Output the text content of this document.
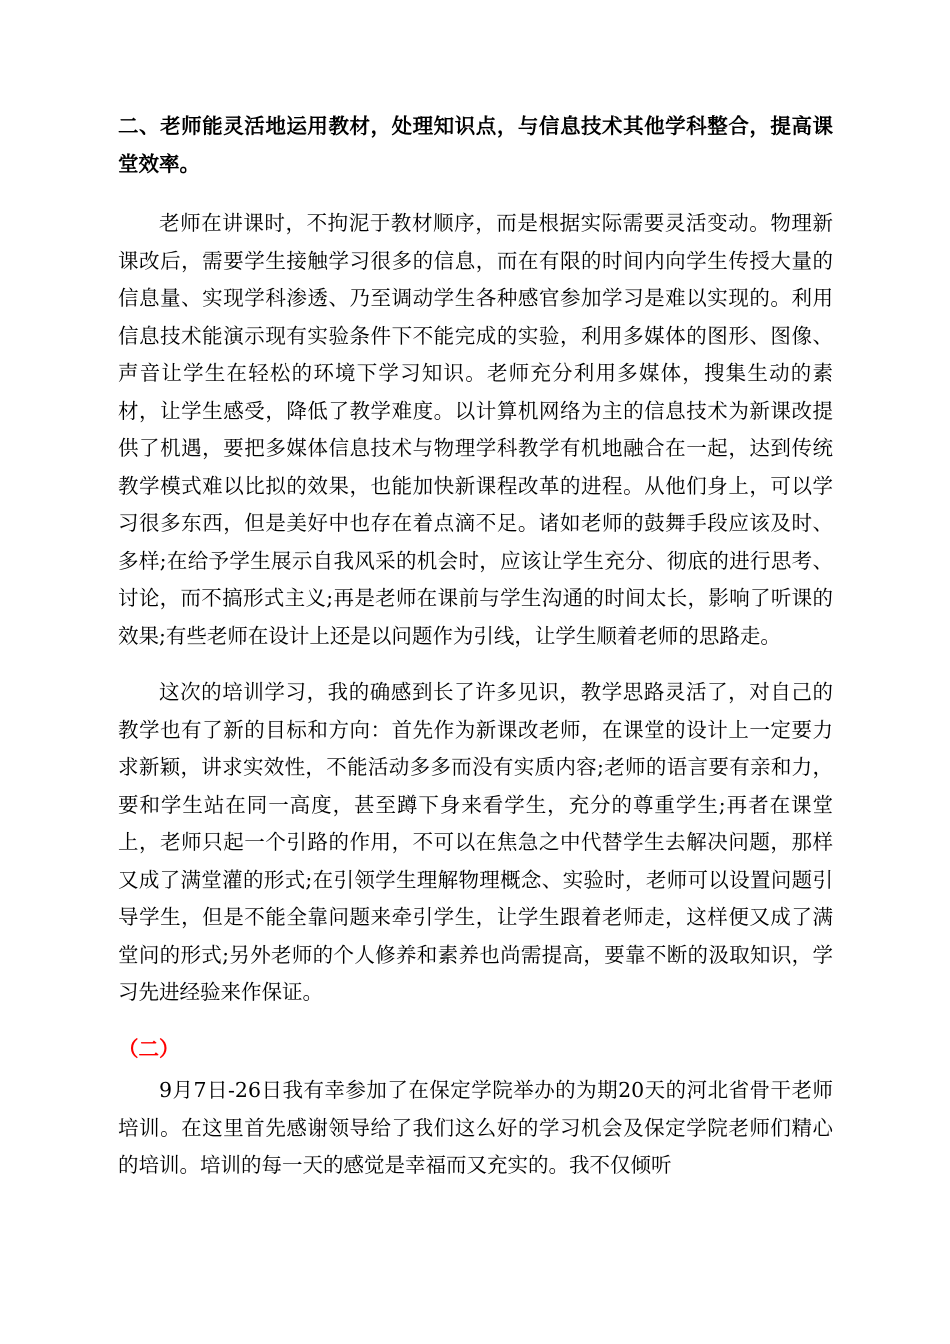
二、老师能灵活地运用教材，处理知识点，与信息技术其他学科整合，提高课堂效率。

老师在讲课时，不拘泥于教材顺序，而是根据实际需要灵活变动。物理新课改后，需要学生接触学习很多的信息，而在有限的时间内向学生传授大量的信息量、实现学科渗透、乃至调动学生各种感官参加学习是难以实现的。利用信息技术能演示现有实验条件下不能完成的实验，利用多媒体的图形、图像、声音让学生在轻松的环境下学习知识。老师充分利用多媒体，搜集生动的素材，让学生感受，降低了教学难度。以计算机网络为主的信息技术为新课改提供了机遇，要把多媒体信息技术与物理学科教学有机地融合在一起，达到传统教学模式难以比拟的效果，也能加快新课程改革的进程。从他们身上，可以学习很多东西，但是美好中也存在着点滴不足。诸如老师的鼓舞手段应该及时、多样;在给予学生展示自我风采的机会时，应该让学生充分、彻底的进行思考、讨论，而不搞形式主义;再是老师在课前与学生沟通的时间太长，影响了听课的效果;有些老师在设计上还是以问题作为引线，让学生顺着老师的思路走。

这次的培训学习，我的确感到长了许多见识，教学思路灵活了，对自己的教学也有了新的目标和方向：首先作为新课改老师，在课堂的设计上一定要力求新颖，讲求实效性，不能活动多多而没有实质内容;老师的语言要有亲和力，要和学生站在同一高度，甚至蹲下身来看学生，充分的尊重学生;再者在课堂上，老师只起一个引路的作用，不可以在焦急之中代替学生去解决问题，那样又成了满堂灌的形式;在引领学生理解物理概念、实验时，老师可以设置问题引导学生，但是不能全靠问题来牵引学生，让学生跟着老师走，这样便又成了满堂问的形式;另外老师的个人修养和素养也尚需提高，要靠不断的汲取知识，学习先进经验来作保证。

（二）

9月7日-26日我有幸参加了在保定学院举办的为期20天的河北省骨干老师培训。在这里首先感谢领导给了我们这么好的学习机会及保定学院老师们精心的培训。培训的每一天的感觉是幸福而又充实的。我不仅倾听
